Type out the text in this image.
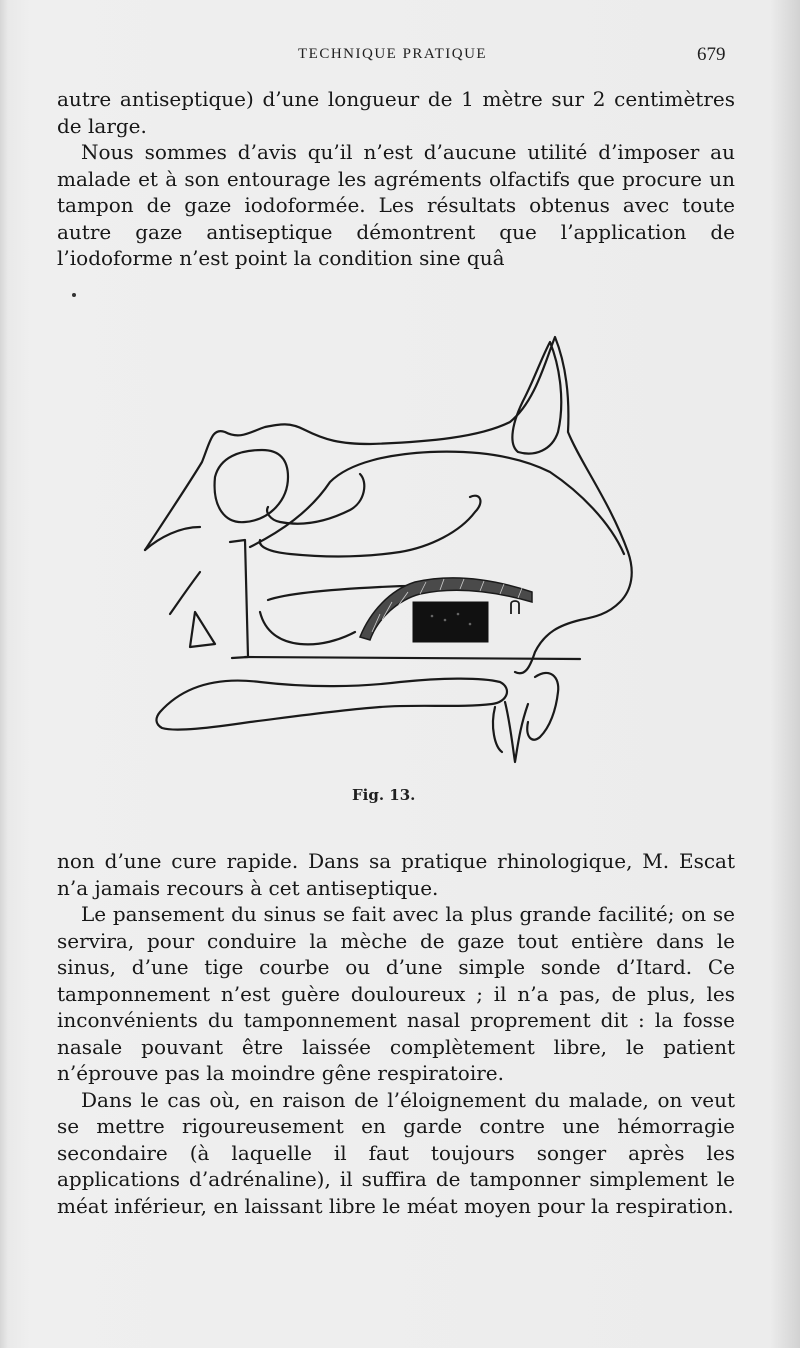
TECHNIQUE PRATIQUE	679

autre antiseptique) d’une longueur de 1 mètre sur 2 centimètres de large.

Nous sommes d’avis qu’il n’est d’aucune utilité d’imposer au malade et à son entourage les agréments olfactifs que procure un tampon de gaze iodoformée. Les résultats obtenus avec toute autre gaze antiseptique démontrent que l’application de l’iodoforme n’est point la condition sine quâ

Fig. 13.

non d’une cure rapide. Dans sa pratique rhinologique, M. Escat n’a jamais recours à cet antiseptique.

Le pansement du sinus se fait avec la plus grande facilité; on se servira, pour conduire la mèche de gaze tout entière dans le sinus, d’une tige courbe ou d’une simple sonde d’Itard. Ce tamponnement n’est guère douloureux ; il n’a pas, de plus, les inconvénients du tamponnement nasal proprement dit : la fosse nasale pouvant être laissée complètement libre, le patient n’éprouve pas la moindre gêne respiratoire.

Dans le cas où, en raison de l’éloignement du malade, on veut se mettre rigoureusement en garde contre une hémorragie secondaire (à laquelle il faut toujours songer après les applications d’adrénaline), il suffira de tamponner simplement le méat inférieur, en laissant libre le méat moyen pour la respiration.
